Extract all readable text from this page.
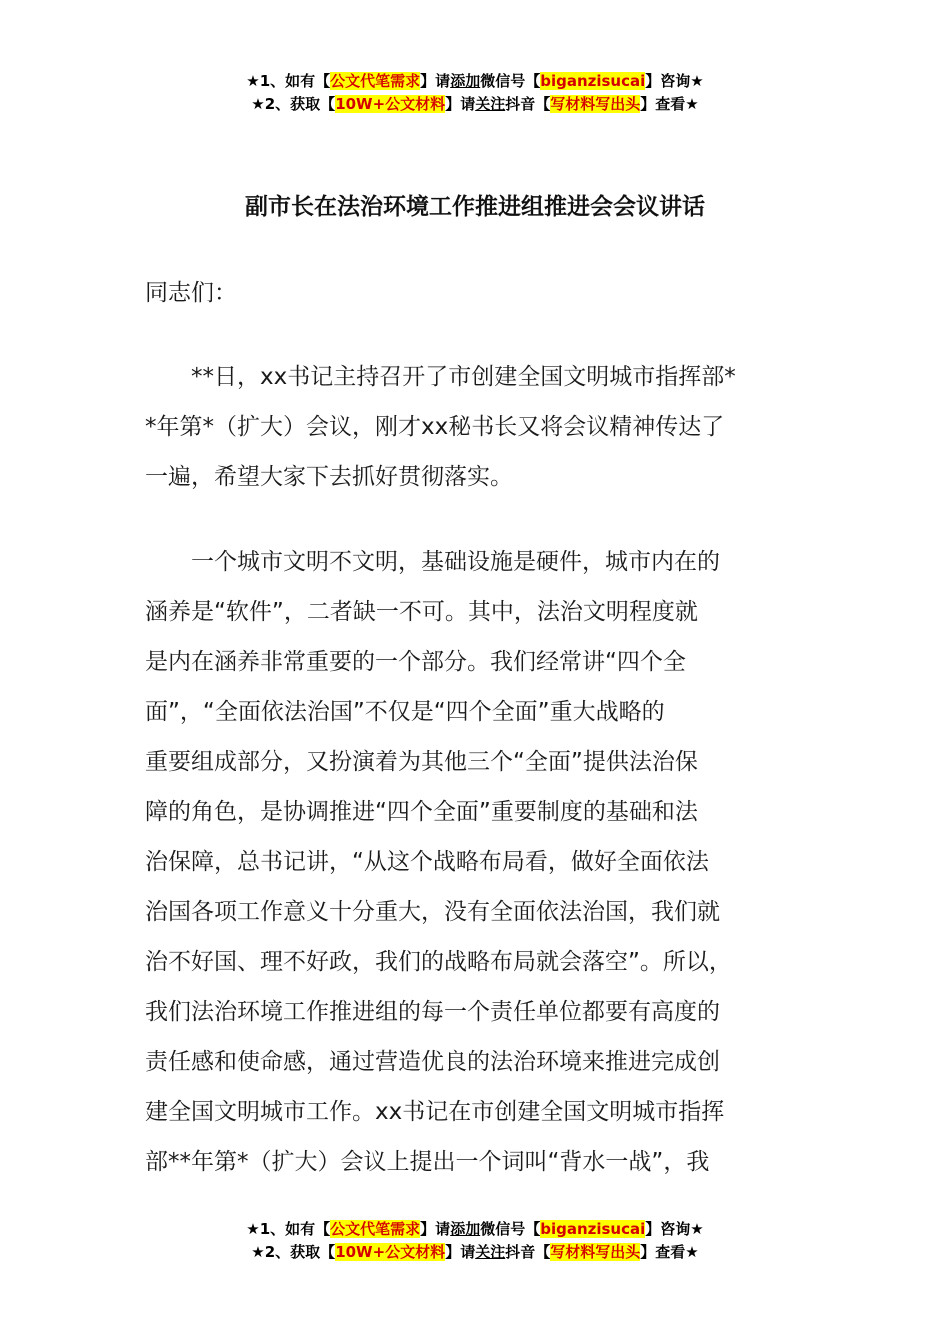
★1、如有【公文代笔需求】请添加微信号【biganzisucai】咨询★
★2、获取【10W+公文材料】请关注抖音【写材料写出头】查看★
副市长在法治环境工作推进组推进会会议讲话
同志们：
**日，xx书记主持召开了市创建全国文明城市指挥部*
*年第*（扩大）会议，刚才xx秘书长又将会议精神传达了
一遍，希望大家下去抓好贯彻落实。
一个城市文明不文明，基础设施是硬件，城市内在的
涵养是“软件”，二者缺一不可。其中，法治文明程度就
是内在涵养非常重要的一个部分。我们经常讲“四个全
面”，“全面依法治国”不仅是“四个全面”重大战略的
重要组成部分，又扮演着为其他三个“全面”提供法治保
障的角色，是协调推进“四个全面”重要制度的基础和法
治保障，总书记讲，“从这个战略布局看，做好全面依法
治国各项工作意义十分重大，没有全面依法治国，我们就
治不好国、理不好政，我们的战略布局就会落空”。所以，
我们法治环境工作推进组的每一个责任单位都要有高度的
责任感和使命感，通过营造优良的法治环境来推进完成创
建全国文明城市工作。xx书记在市创建全国文明城市指挥
部**年第*（扩大）会议上提出一个词叫“背水一战”，我
★1、如有【公文代笔需求】请添加微信号【biganzisucai】咨询★
★2、获取【10W+公文材料】请关注抖音【写材料写出头】查看★
